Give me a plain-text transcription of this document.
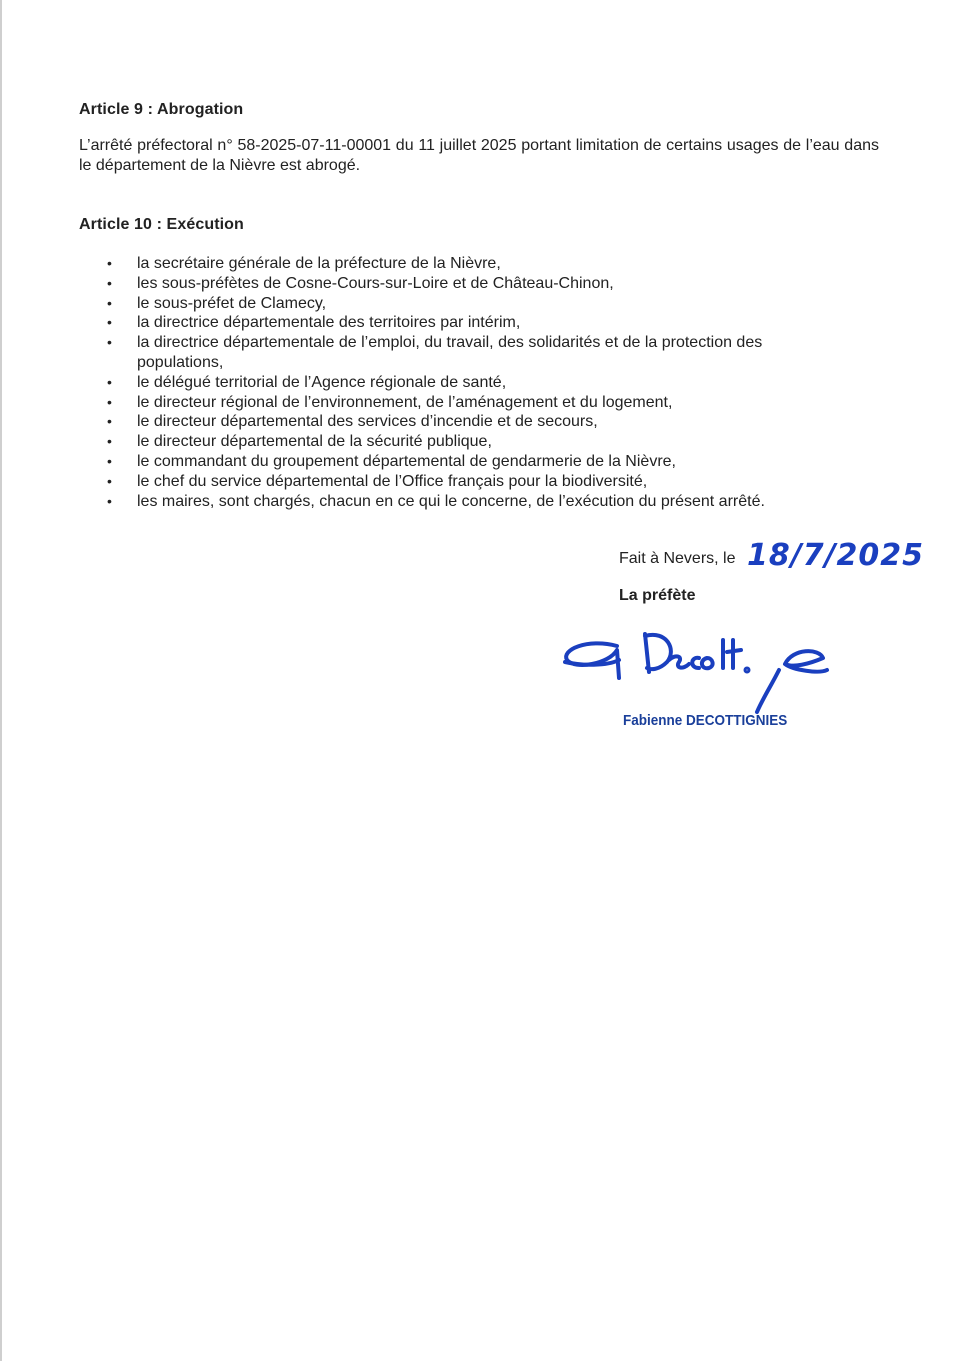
Article 9 : Abrogation
L’arrêté préfectoral n° 58-2025-07-11-00001 du 11 juillet 2025 portant limitation de certains usages de l’eau dans le département de la Nièvre est abrogé.
Article 10 : Exécution
• la secrétaire générale de la préfecture de la Nièvre,
• les sous-préfètes de Cosne-Cours-sur-Loire et de Château-Chinon,
• le sous-préfet de Clamecy,
• la directrice départementale des territoires par intérim,
• la directrice départementale de l’emploi, du travail, des solidarités et de la protection des populations,
• le délégué territorial de l’Agence régionale de santé,
• le directeur régional de l’environnement, de l’aménagement et du logement,
• le directeur départemental des services d’incendie et de secours,
• le directeur départemental de la sécurité publique,
• le commandant du groupement départemental de gendarmerie de la Nièvre,
• le chef du service départemental de l’Office français pour la biodiversité,
• les maires, sont chargés, chacun en ce qui le concerne, de l’exécution du présent arrêté.
Fait à Nevers, le 18/7/2025
La préfète
Fabienne DECOTTIGNIES
